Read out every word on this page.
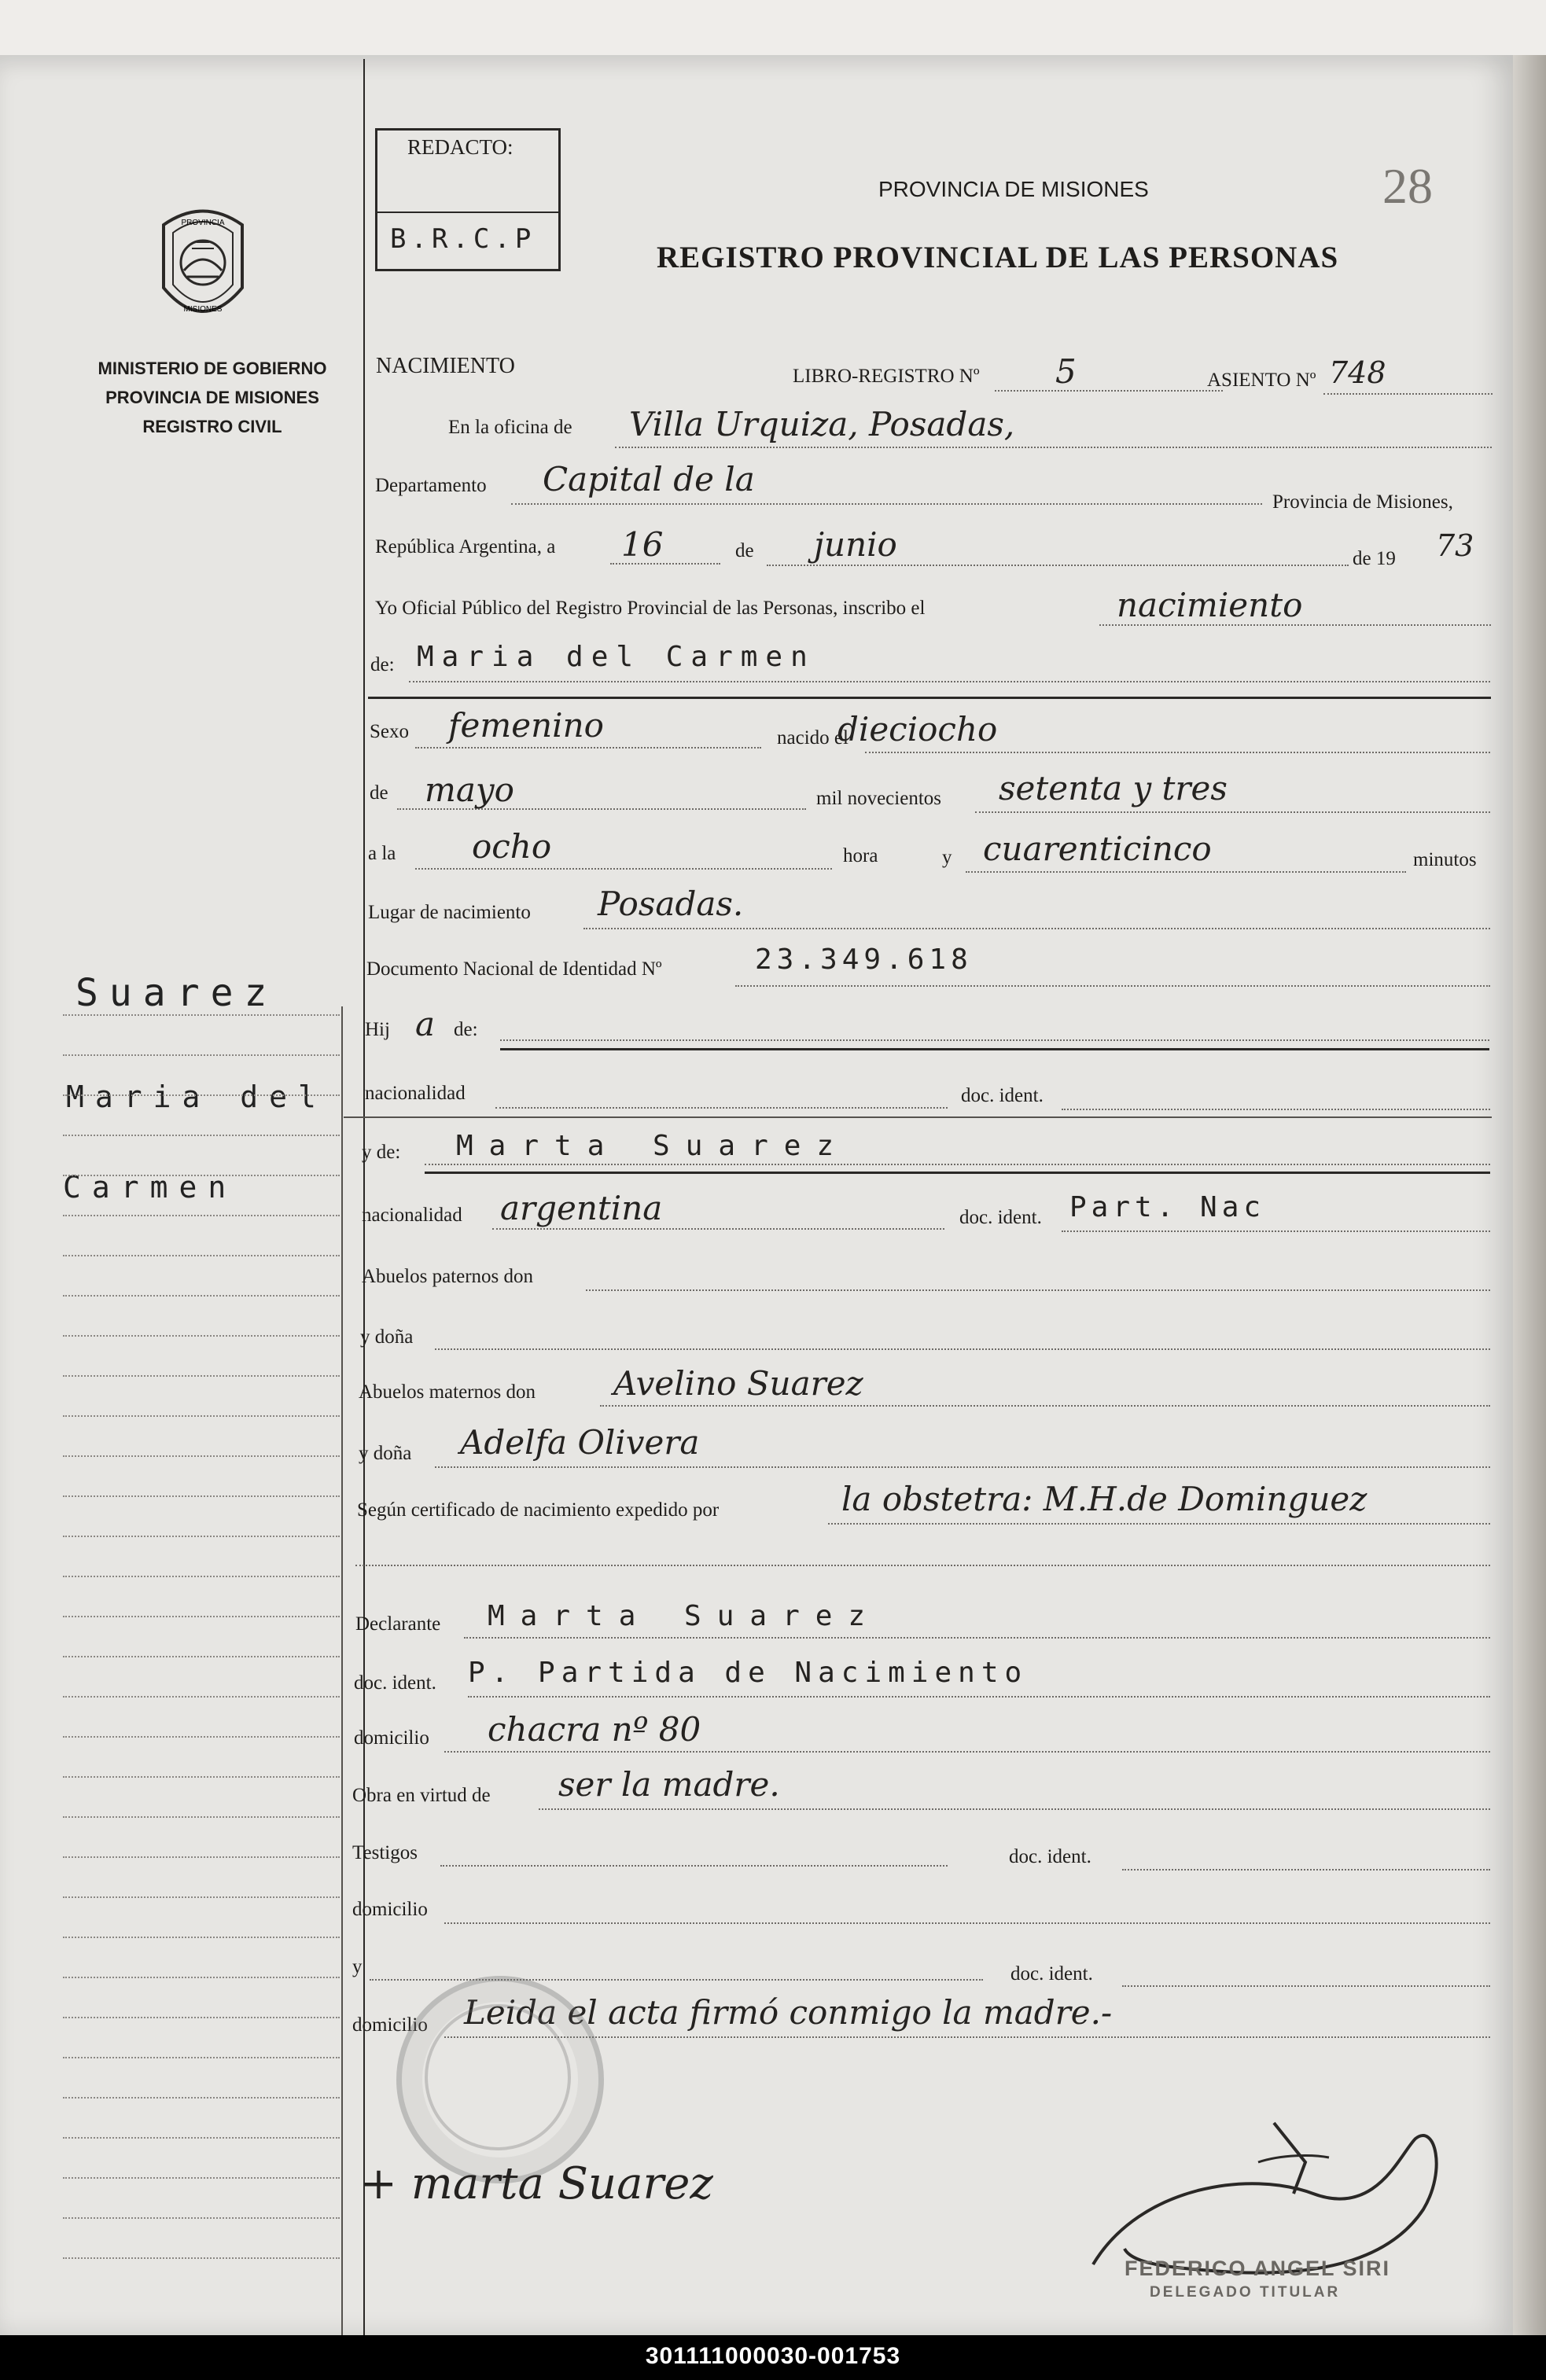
PROVINCIA
MISIONES
MINISTERIO DE GOBIERNO
PROVINCIA DE MISIONES
REGISTRO CIVIL
Suarez
Maria del
Carmen
REDACTO:
B.R.C.P
PROVINCIA DE MISIONES	28
REGISTRO PROVINCIAL DE LAS PERSONAS
NACIMIENTO	LIBRO-REGISTRO Nº 5	ASIENTO Nº 748
En la oficina de Villa Urquiza, Posadas,
Departamento Capital de la
Provincia de Misiones,
República Argentina, a 16	de junio	de 19 73
Yo Oficial Público del Registro Provincial de las Personas, inscribo el	nacimiento
de: Maria del Carmen
Sexo femenino	nacido el
dieciocho
de mayo	mil novecientos setenta y tres
a la ocho	hora	y cuarenticinco	minutos
Lugar de nacimiento Posadas.
Documento Nacional de Identidad Nº	23.349.618
Hij a de:
nacionalidad	doc. ident.
y de: Marta Suarez
nacionalidad argentina	doc. ident. Part. Nac
Abuelos paternos don
y doña
Abuelos maternos don Avelino Suarez
y doña Adelfa Olivera
Según certificado de nacimiento expedido por	la obstetra: M.H.de Dominguez
Declarante Marta Suarez
doc. ident. P. Partida de Nacimiento
domicilio chacra nº 80
Obra en virtud de ser la madre.
Testigos	doc. ident.
domicilio
y	doc. ident.
domicilio Leida el acta firmó conmigo la madre.-
+ marta Suarez
FEDERICO ANGEL SIRI
DELEGADO TITULAR
301111000030-001753
